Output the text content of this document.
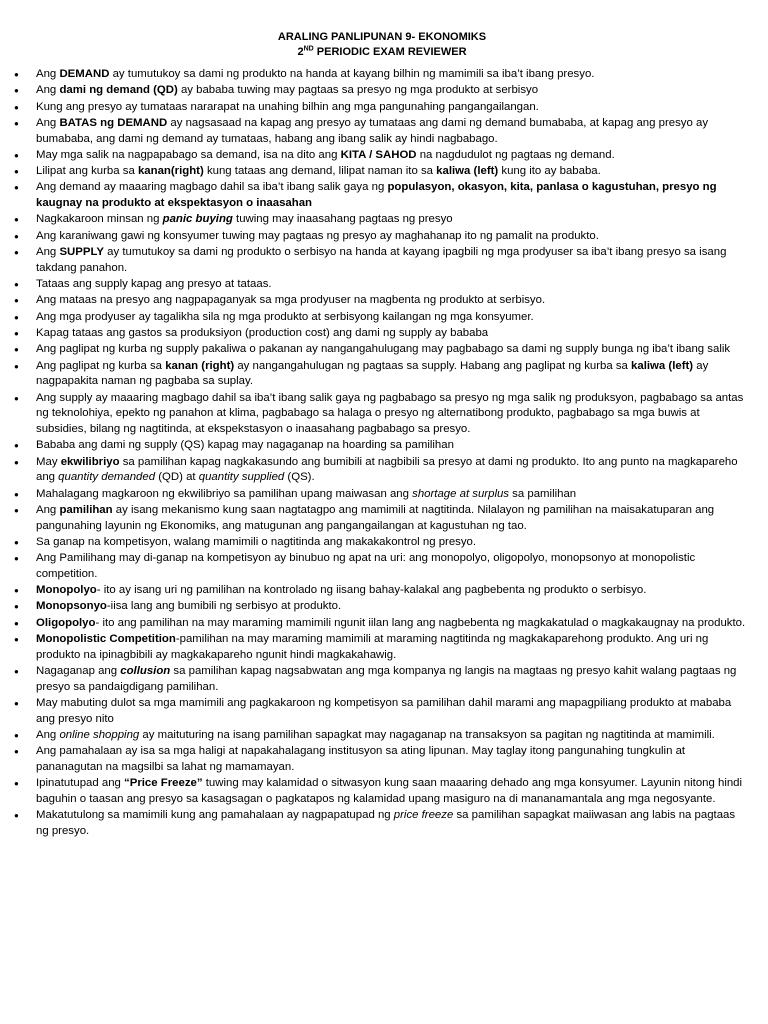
ARALING PANLIPUNAN 9- EKONOMIKS
2ND PERIODIC EXAM REVIEWER
● Ang DEMAND ay tumutukoy sa dami ng produkto na handa at kayang bilhin ng mamimili sa iba’t ibang presyo.
● Ang dami ng demand (QD) ay bababa tuwing may pagtaas sa presyo ng mga produkto at serbisyo
● Kung ang presyo ay tumataas nararapat na unahing bilhin ang mga pangunahing pangangailangan.
● Ang BATAS ng DEMAND ay nagsasaad na kapag ang presyo ay tumataas ang dami ng demand bumababa, at kapag ang presyo ay bumababa, ang dami ng demand ay tumataas, habang ang ibang salik ay hindi nagbabago.
● May mga salik na nagpapabago sa demand, isa na dito ang KITA / SAHOD na nagdudulot ng pagtaas ng demand.
● Lilipat ang kurba sa kanan(right) kung tataas ang demand, lilipat naman ito sa kaliwa (left) kung ito ay bababa.
● Ang demand ay maaaring magbago dahil sa iba’t ibang salik gaya ng populasyon, okasyon, kita, panlasa o kagustuhan, presyo ng kaugnay na produkto at ekspektasyon o inaasahan
● Nagkakaroon minsan ng panic buying tuwing may inaasahang pagtaas ng presyo
● Ang karaniwang gawi ng konsyumer tuwing may pagtaas ng presyo ay maghahanap ito ng pamalit na produkto.
● Ang SUPPLY ay tumutukoy sa dami ng produkto o serbisyo na handa at kayang ipagbili ng mga prodyuser sa iba’t ibang presyo sa isang takdang panahon.
● Tataas ang supply kapag ang presyo at tataas.
● Ang mataas na presyo ang nagpapaganyak sa mga prodyuser na magbenta ng produkto at serbisyo.
● Ang mga prodyuser ay tagalikha sila ng mga produkto at serbisyong kailangan ng mga konsyumer.
● Kapag tataas ang gastos sa produksiyon (production cost) ang dami ng supply ay bababa
● Ang paglipat ng kurba ng supply pakaliwa o pakanan ay nangangahulugang may pagbabago sa dami ng supply bunga ng iba’t ibang salik
● Ang paglipat ng kurba sa kanan (right) ay nangangahulugan ng pagtaas sa supply. Habang ang paglipat ng kurba sa kaliwa (left) ay nagpapakita naman ng pagbaba sa suplay.
● Ang supply ay maaaring magbago dahil sa iba’t ibang salik gaya ng pagbabago sa presyo ng mga salik ng produksyon, pagbabago sa antas ng teknolohiya, epekto ng panahon at klima, pagbabago sa halaga o presyo ng alternatibong produkto, pagbabago sa mga buwis at subsidies, bilang ng nagtitinda, at ekspekstasyon o inaasahang pagbabago sa presyo.
● Bababa ang dami ng supply (QS) kapag may nagaganap na hoarding sa pamilihan
● May ekwilibriyo sa pamilihan kapag nagkakasundo ang bumibili at nagbibili sa presyo at dami ng produkto. Ito ang punto na magkapareho ang quantity demanded (QD) at quantity supplied (QS).
● Mahalagang magkaroon ng ekwilibriyo sa pamilihan upang maiwasan ang shortage at surplus sa pamilihan
● Ang pamilihan ay isang mekanismo kung saan nagtatagpo ang mamimili at nagtitinda. Nilalayon ng pamilihan na maisakatuparan ang pangunahing layunin ng Ekonomiks, ang matugunan ang pangangailangan at kagustuhan ng tao.
● Sa ganap na kompetisyon, walang mamimili o nagtitinda ang makakakontrol ng presyo.
● Ang Pamilihang may di-ganap na kompetisyon ay binubuo ng apat na uri: ang monopolyo, oligopolyo, monopsonyo at monopolistic competition.
● Monopolyo- ito ay isang uri ng pamilihan na kontrolado ng iisang bahay-kalakal ang pagbebenta ng produkto o serbisyo.
● Monopsonyo-iisa lang ang bumibili ng serbisyo at produkto.
● Oligopolyo- ito ang pamilihan na may maraming mamimili ngunit iilan lang ang nagbebenta ng magkakatulad o magkakaugnay na produkto.
● Monopolistic Competition-pamilihan na may maraming mamimili at maraming nagtitinda ng magkakaparehong produkto. Ang uri ng produkto na ipinagbibili ay magkakapareho ngunit hindi magkakahawig.
● Nagaganap ang collusion sa pamilihan kapag nagsabwatan ang mga kompanya ng langis na magtaas ng presyo kahit walang pagtaas ng presyo sa pandaigdigang pamilihan.
● May mabuting dulot sa mga mamimili ang pagkakaroon ng kompetisyon sa pamilihan dahil marami ang mapagpiliang produkto at mababa ang presyo nito
● Ang online shopping ay maituturing na isang pamilihan sapagkat may nagaganap na transaksyon sa pagitan ng nagtitinda at mamimili.
● Ang pamahalaan ay isa sa mga haligi at napakahalagang institusyon sa ating lipunan. May taglay itong pangunahing tungkulin at pananagutan na magsilbi sa lahat ng mamamayan.
● Ipinatutupad ang “Price Freeze” tuwing may kalamidad o sitwasyon kung saan maaaring dehado ang mga konsyumer. Layunin nitong hindi baguhin o taasan ang presyo sa kasagsagan o pagkatapos ng kalamidad upang masiguro na di mananamantala ang mga negosyante.
● Makatutulong sa mamimili kung ang pamahalaan ay nagpapatupad ng price freeze sa pamilihan sapagkat maiiwasan ang labis na pagtaas ng presyo.
